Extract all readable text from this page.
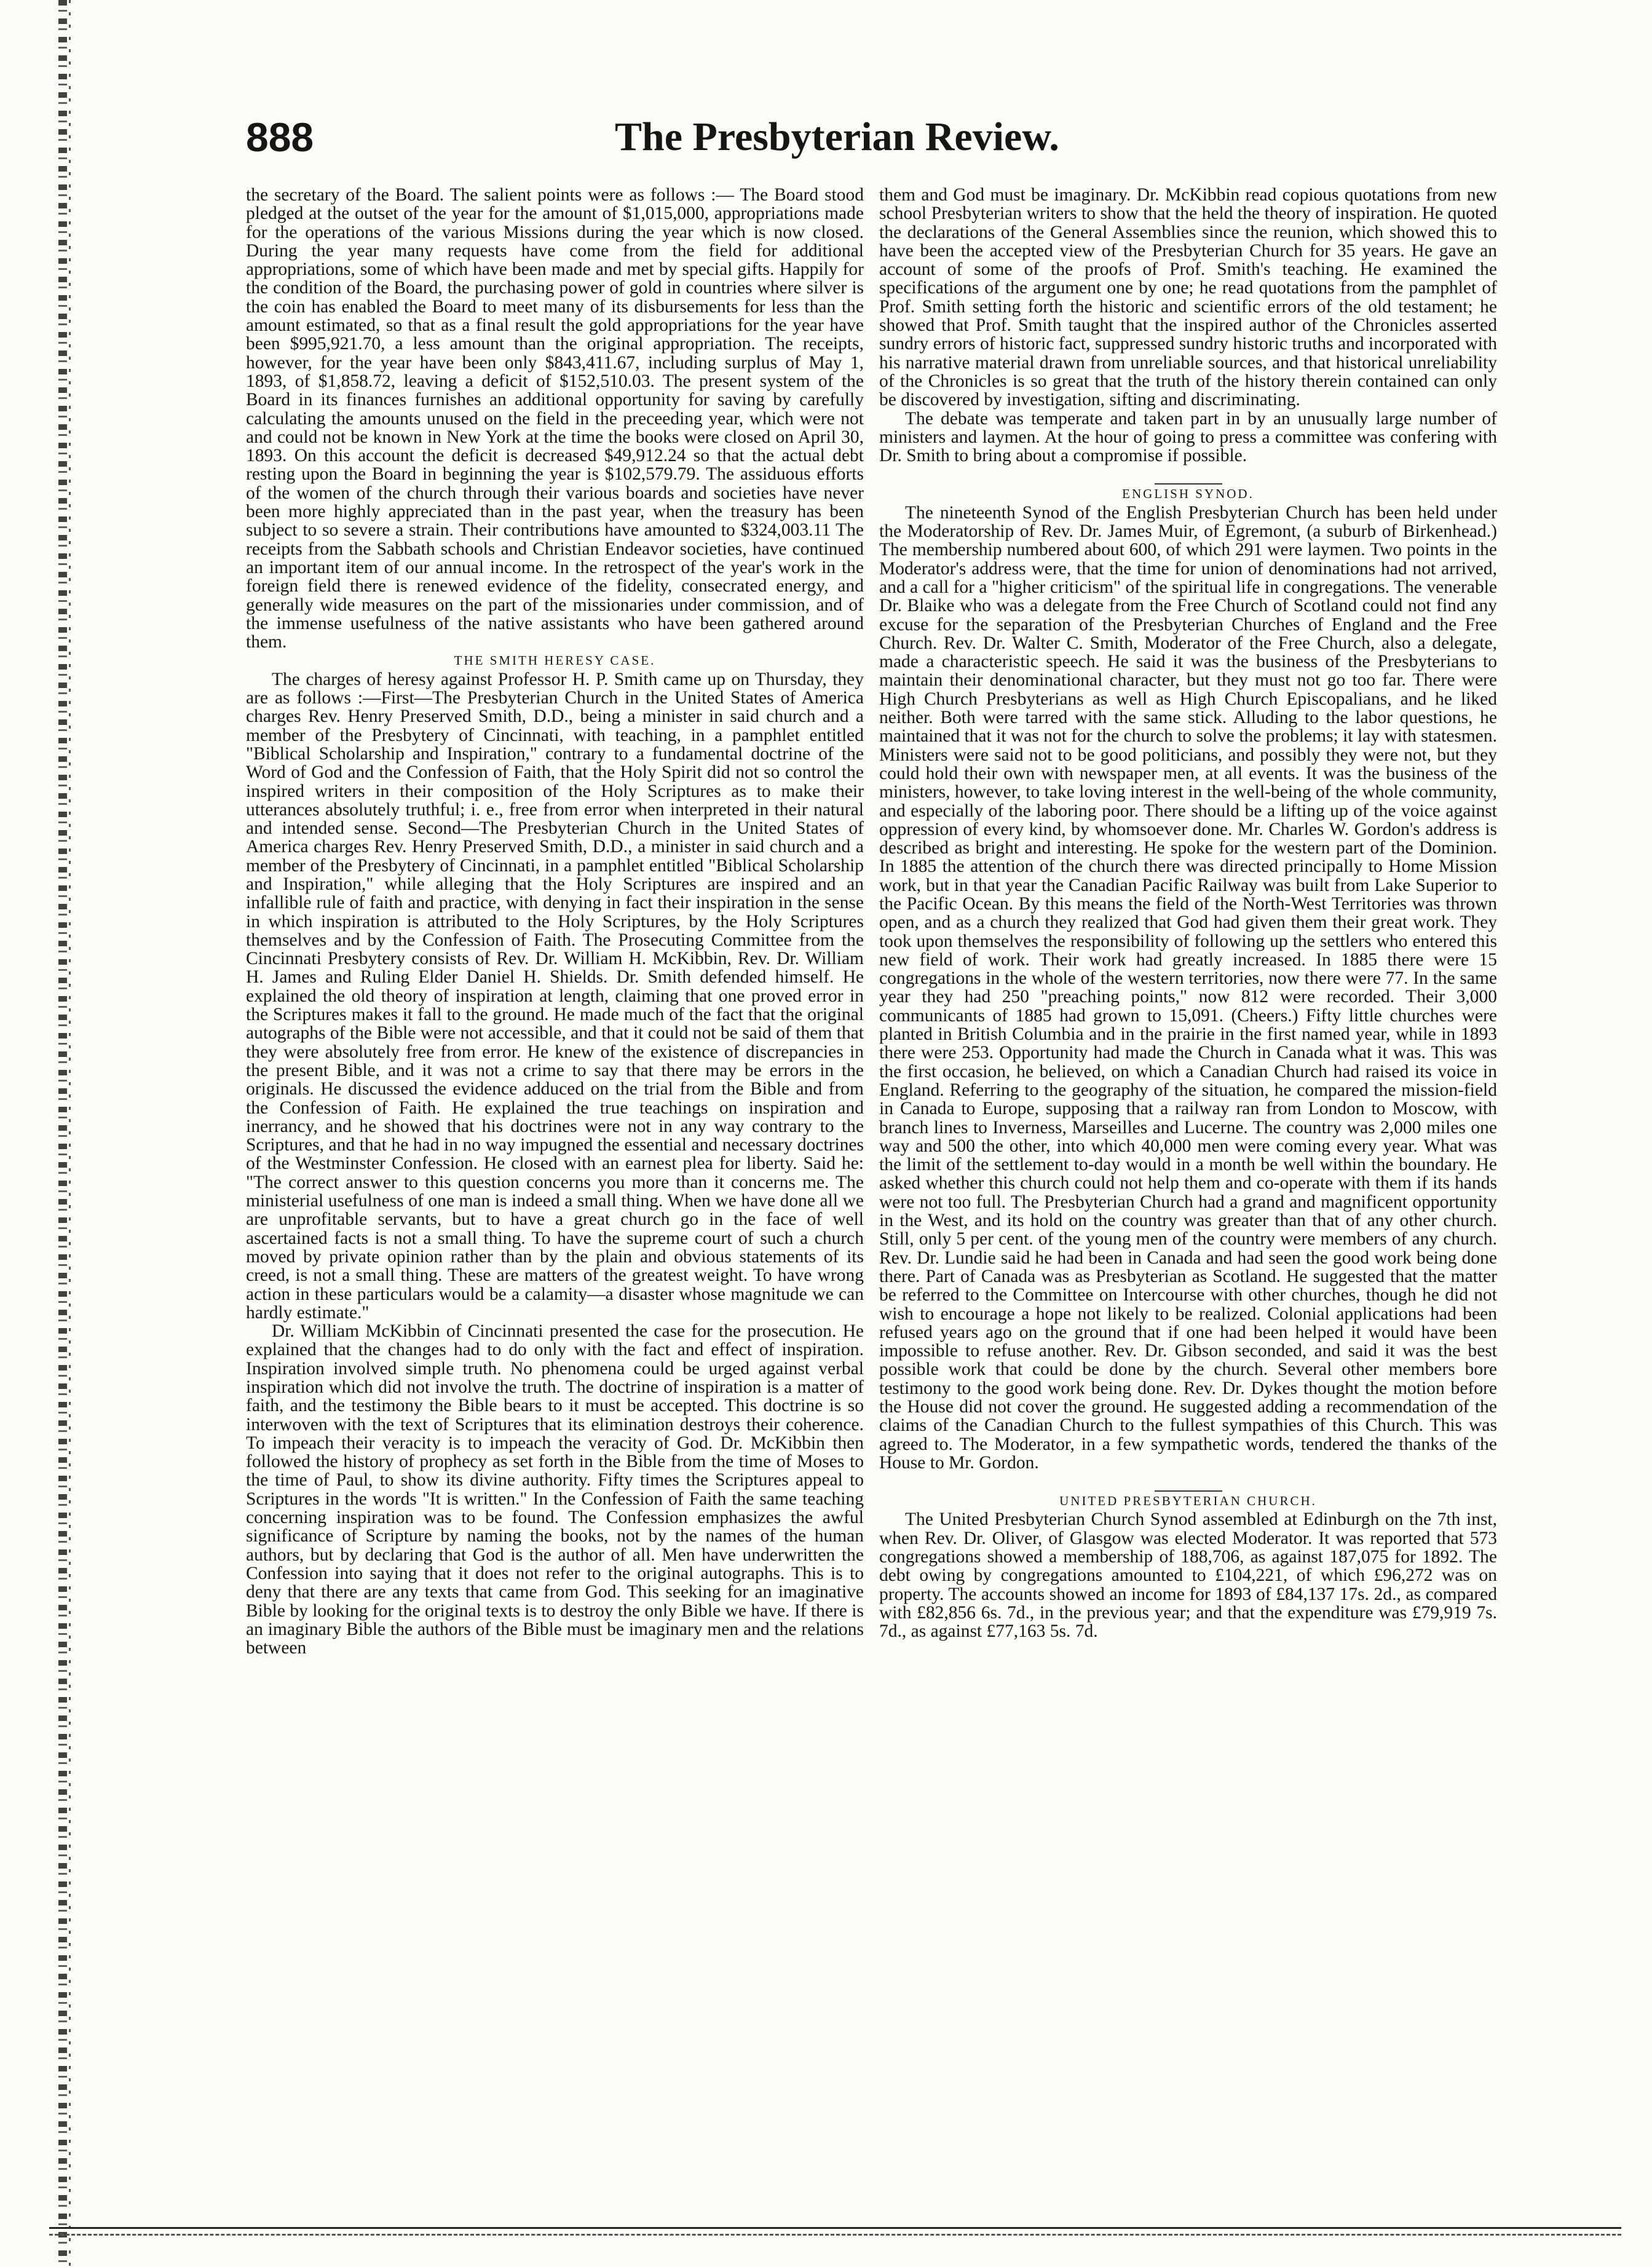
888	The Presbyterian Review.

the secretary of the Board. The salient points were as follows :— The Board stood pledged at the outset of the year for the amount of $1,015,000, appropriations made for the operations of the various Missions during the year which is now closed. During the year many requests have come from the field for additional appropriations, some of which have been made and met by special gifts. Happily for the condition of the Board, the purchasing power of gold in countries where silver is the coin has enabled the Board to meet many of its disbursements for less than the amount estimated, so that as a final result the gold appropriations for the year have been $995,921.70, a less amount than the original appropriation. The receipts, however, for the year have been only $843,411.67, including surplus of May 1, 1893, of $1,858.72, leaving a deficit of $152,510.03. The present system of the Board in its finances furnishes an additional opportunity for saving by carefully calculating the amounts unused on the field in the preceeding year, which were not and could not be known in New York at the time the books were closed on April 30, 1893. On this account the deficit is decreased $49,912.24 so that the actual debt resting upon the Board in beginning the year is $102,579.79. The assiduous efforts of the women of the church through their various boards and societies have never been more highly appreciated than in the past year, when the treasury has been subject to so severe a strain. Their contributions have amounted to $324,003.11 The receipts from the Sabbath schools and Christian Endeavor societies, have continued an important item of our annual income. In the retrospect of the year's work in the foreign field there is renewed evidence of the fidelity, consecrated energy, and generally wide measures on the part of the missionaries under commission, and of the immense usefulness of the native assistants who have been gathered around them.

THE SMITH HERESY CASE.

The charges of heresy against Professor H. P. Smith came up on Thursday, they are as follows :—First—The Presbyterian Church in the United States of America charges Rev. Henry Preserved Smith, D.D., being a minister in said church and a member of the Presbytery of Cincinnati, with teaching, in a pamphlet entitled "Biblical Scholarship and Inspiration," contrary to a fundamental doctrine of the Word of God and the Confession of Faith, that the Holy Spirit did not so control the inspired writers in their composition of the Holy Scriptures as to make their utterances absolutely truthful; i. e., free from error when interpreted in their natural and intended sense. Second—The Presbyterian Church in the United States of America charges Rev. Henry Preserved Smith, D.D., a minister in said church and a member of the Presbytery of Cincinnati, in a pamphlet entitled "Biblical Scholarship and Inspiration," while alleging that the Holy Scriptures are inspired and an infallible rule of faith and practice, with denying in fact their inspiration in the sense in which inspiration is attributed to the Holy Scriptures, by the Holy Scriptures themselves and by the Confession of Faith. The Prosecuting Committee from the Cincinnati Presbytery consists of Rev. Dr. William H. McKibbin, Rev. Dr. William H. James and Ruling Elder Daniel H. Shields. Dr. Smith defended himself. He explained the old theory of inspiration at length, claiming that one proved error in the Scriptures makes it fall to the ground. He made much of the fact that the original autographs of the Bible were not accessible, and that it could not be said of them that they were absolutely free from error. He knew of the existence of discrepancies in the present Bible, and it was not a crime to say that there may be errors in the originals. He discussed the evidence adduced on the trial from the Bible and from the Confession of Faith. He explained the true teachings on inspiration and inerrancy, and he showed that his doctrines were not in any way contrary to the Scriptures, and that he had in no way impugned the essential and necessary doctrines of the Westminster Confession. He closed with an earnest plea for liberty. Said he: "The correct answer to this question concerns you more than it concerns me. The ministerial usefulness of one man is indeed a small thing. When we have done all we are unprofitable servants, but to have a great church go in the face of well ascertained facts is not a small thing. To have the supreme court of such a church moved by private opinion rather than by the plain and obvious statements of its creed, is not a small thing. These are matters of the greatest weight. To have wrong action in these particulars would be a calamity—a disaster whose magnitude we can hardly estimate."

Dr. William McKibbin of Cincinnati presented the case for the prosecution. He explained that the changes had to do only with the fact and effect of inspiration. Inspiration involved simple truth. No phenomena could be urged against verbal inspiration which did not involve the truth. The doctrine of inspiration is a matter of faith, and the testimony the Bible bears to it must be accepted. This doctrine is so interwoven with the text of Scriptures that its elimination destroys their coherence. To impeach their veracity is to impeach the veracity of God. Dr. McKibbin then followed the history of prophecy as set forth in the Bible from the time of Moses to the time of Paul, to show its divine authority. Fifty times the Scriptures appeal to Scriptures in the words "It is written." In the Confession of Faith the same teaching concerning inspiration was to be found. The Confession emphasizes the awful significance of Scripture by naming the books, not by the names of the human authors, but by declaring that God is the author of all. Men have underwritten the Confession into saying that it does not refer to the original autographs. This is to deny that there are any texts that came from God. This seeking for an imaginative Bible by looking for the original texts is to destroy the only Bible we have. If there is an imaginary Bible the authors of the Bible must be imaginary men and the relations between

them and God must be imaginary. Dr. McKibbin read copious quotations from new school Presbyterian writers to show that the held the theory of inspiration. He quoted the declarations of the General Assemblies since the reunion, which showed this to have been the accepted view of the Presbyterian Church for 35 years. He gave an account of some of the proofs of Prof. Smith's teaching. He examined the specifications of the argument one by one; he read quotations from the pamphlet of Prof. Smith setting forth the historic and scientific errors of the old testament; he showed that Prof. Smith taught that the inspired author of the Chronicles asserted sundry errors of historic fact, suppressed sundry historic truths and incorporated with his narrative material drawn from unreliable sources, and that historical unreliability of the Chronicles is so great that the truth of the history therein contained can only be discovered by investigation, sifting and discriminating.

The debate was temperate and taken part in by an unusually large number of ministers and laymen. At the hour of going to press a committee was confering with Dr. Smith to bring about a compromise if possible.

ENGLISH SYNOD.

The nineteenth Synod of the English Presbyterian Church has been held under the Moderatorship of Rev. Dr. James Muir, of Egremont, (a suburb of Birkenhead.) The membership numbered about 600, of which 291 were laymen. Two points in the Moderator's address were, that the time for union of denominations had not arrived, and a call for a "higher criticism" of the spiritual life in congregations. The venerable Dr. Blaike who was a delegate from the Free Church of Scotland could not find any excuse for the separation of the Presbyterian Churches of England and the Free Church. Rev. Dr. Walter C. Smith, Moderator of the Free Church, also a delegate, made a characteristic speech. He said it was the business of the Presbyterians to maintain their denominational character, but they must not go too far. There were High Church Presbyterians as well as High Church Episcopalians, and he liked neither. Both were tarred with the same stick. Alluding to the labor questions, he maintained that it was not for the church to solve the problems; it lay with statesmen. Ministers were said not to be good politicians, and possibly they were not, but they could hold their own with newspaper men, at all events. It was the business of the ministers, however, to take loving interest in the well-being of the whole community, and especially of the laboring poor. There should be a lifting up of the voice against oppression of every kind, by whomsoever done. Mr. Charles W. Gordon's address is described as bright and interesting. He spoke for the western part of the Dominion. In 1885 the attention of the church there was directed principally to Home Mission work, but in that year the Canadian Pacific Railway was built from Lake Superior to the Pacific Ocean. By this means the field of the North-West Territories was thrown open, and as a church they realized that God had given them their great work. They took upon themselves the responsibility of following up the settlers who entered this new field of work. Their work had greatly increased. In 1885 there were 15 congregations in the whole of the western territories, now there were 77. In the same year they had 250 "preaching points," now 812 were recorded. Their 3,000 communicants of 1885 had grown to 15,091. (Cheers.) Fifty little churches were planted in British Columbia and in the prairie in the first named year, while in 1893 there were 253. Opportunity had made the Church in Canada what it was. This was the first occasion, he believed, on which a Canadian Church had raised its voice in England. Referring to the geography of the situation, he compared the mission-field in Canada to Europe, supposing that a railway ran from London to Moscow, with branch lines to Inverness, Marseilles and Lucerne. The country was 2,000 miles one way and 500 the other, into which 40,000 men were coming every year. What was the limit of the settlement to-day would in a month be well within the boundary. He asked whether this church could not help them and co-operate with them if its hands were not too full. The Presbyterian Church had a grand and magnificent opportunity in the West, and its hold on the country was greater than that of any other church. Still, only 5 per cent. of the young men of the country were members of any church. Rev. Dr. Lundie said he had been in Canada and had seen the good work being done there. Part of Canada was as Presbyterian as Scotland. He suggested that the matter be referred to the Committee on Intercourse with other churches, though he did not wish to encourage a hope not likely to be realized. Colonial applications had been refused years ago on the ground that if one had been helped it would have been impossible to refuse another. Rev. Dr. Gibson seconded, and said it was the best possible work that could be done by the church. Several other members bore testimony to the good work being done. Rev. Dr. Dykes thought the motion before the House did not cover the ground. He suggested adding a recommendation of the claims of the Canadian Church to the fullest sympathies of this Church. This was agreed to. The Moderator, in a few sympathetic words, tendered the thanks of the House to Mr. Gordon.

UNITED PRESBYTERIAN CHURCH.

The United Presbyterian Church Synod assembled at Edinburgh on the 7th inst, when Rev. Dr. Oliver, of Glasgow was elected Moderator. It was reported that 573 congregations showed a membership of 188,706, as against 187,075 for 1892. The debt owing by congregations amounted to £104,221, of which £96,272 was on property. The accounts showed an income for 1893 of £84,137 17s. 2d., as compared with £82,856 6s. 7d., in the previous year; and that the expenditure was £79,919 7s. 7d., as against £77,163 5s. 7d.
